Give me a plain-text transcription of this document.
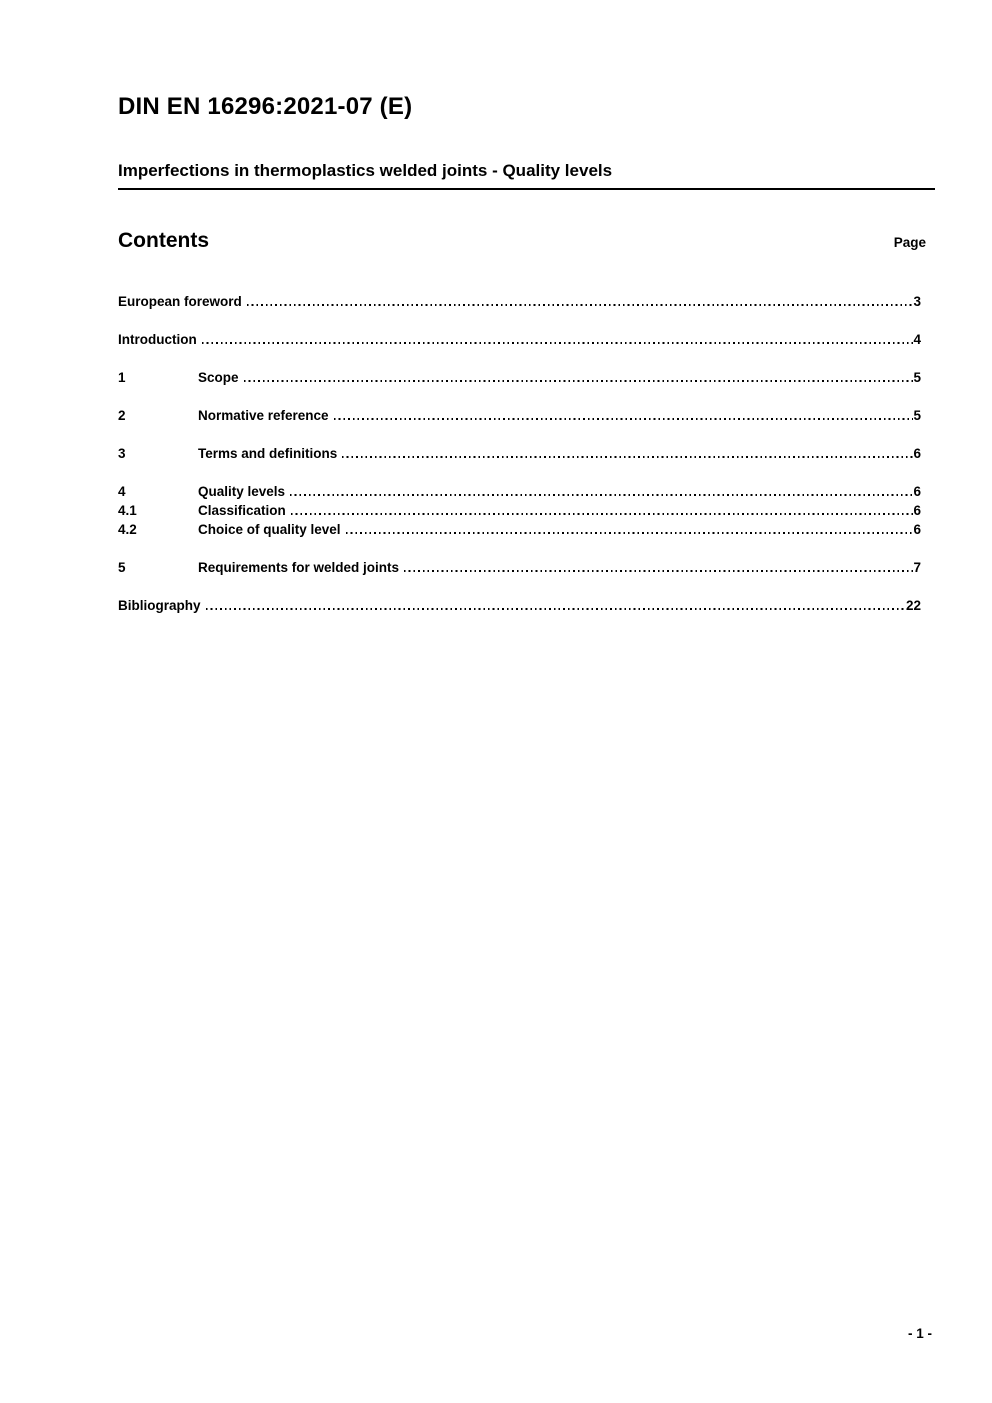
DIN EN 16296:2021-07 (E)
Imperfections in thermoplastics welded joints - Quality levels
Contents	Page
European foreword	3
Introduction	4
1	Scope	5
2	Normative reference	5
3	Terms and definitions	6
4	Quality levels	6
4.1	Classification	6
4.2	Choice of quality level	6
5	Requirements for welded joints	7
Bibliography	22
- 1 -
